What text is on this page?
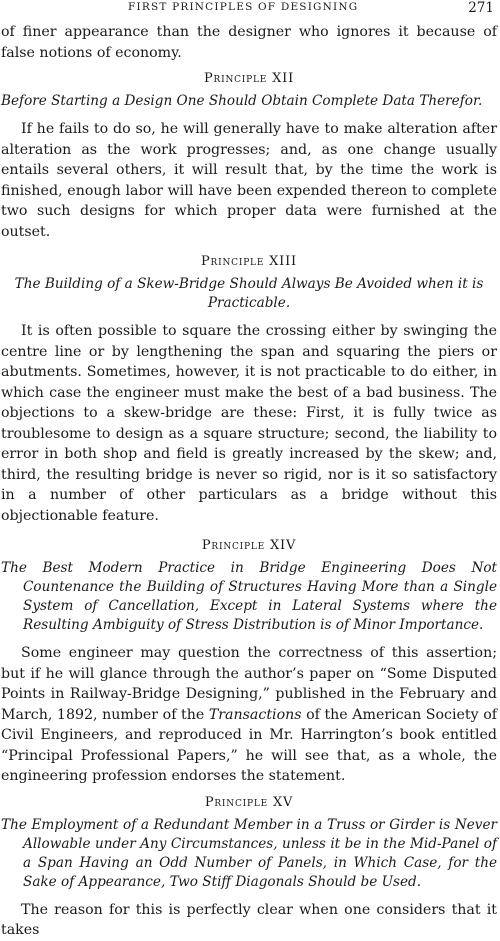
FIRST PRINCIPLES OF DESIGNING	271

of finer appearance than the designer who ignores it because of false notions of economy.

Principle XII
Before Starting a Design One Should Obtain Complete Data Therefor.

If he fails to do so, he will generally have to make alteration after alteration as the work progresses; and, as one change usually entails several others, it will result that, by the time the work is finished, enough labor will have been expended thereon to complete two such designs for which proper data were furnished at the outset.

Principle XIII
The Building of a Skew-Bridge Should Always Be Avoided when it is Practicable.

It is often possible to square the crossing either by swinging the centre line or by lengthening the span and squaring the piers or abutments. Sometimes, however, it is not practicable to do either, in which case the engineer must make the best of a bad business. The objections to a skew-bridge are these: First, it is fully twice as troublesome to design as a square structure; second, the liability to error in both shop and field is greatly increased by the skew; and, third, the resulting bridge is never so rigid, nor is it so satisfactory in a number of other particulars as a bridge without this objectionable feature.

Principle XIV
The Best Modern Practice in Bridge Engineering Does Not Countenance the Building of Structures Having More than a Single System of Cancellation, Except in Lateral Systems where the Resulting Ambiguity of Stress Distribution is of Minor Importance.

Some engineer may question the correctness of this assertion; but if he will glance through the author’s paper on “Some Disputed Points in Railway-Bridge Designing,” published in the February and March, 1892, number of the Transactions of the American Society of Civil Engineers, and reproduced in Mr. Harrington’s book entitled “Principal Professional Papers,” he will see that, as a whole, the engineering profession endorses the statement.

Principle XV
The Employment of a Redundant Member in a Truss or Girder is Never Allowable under Any Circumstances, unless it be in the Mid-Panel of a Span Having an Odd Number of Panels, in Which Case, for the Sake of Appearance, Two Stiff Diagonals Should be Used.

The reason for this is perfectly clear when one considers that it takes
